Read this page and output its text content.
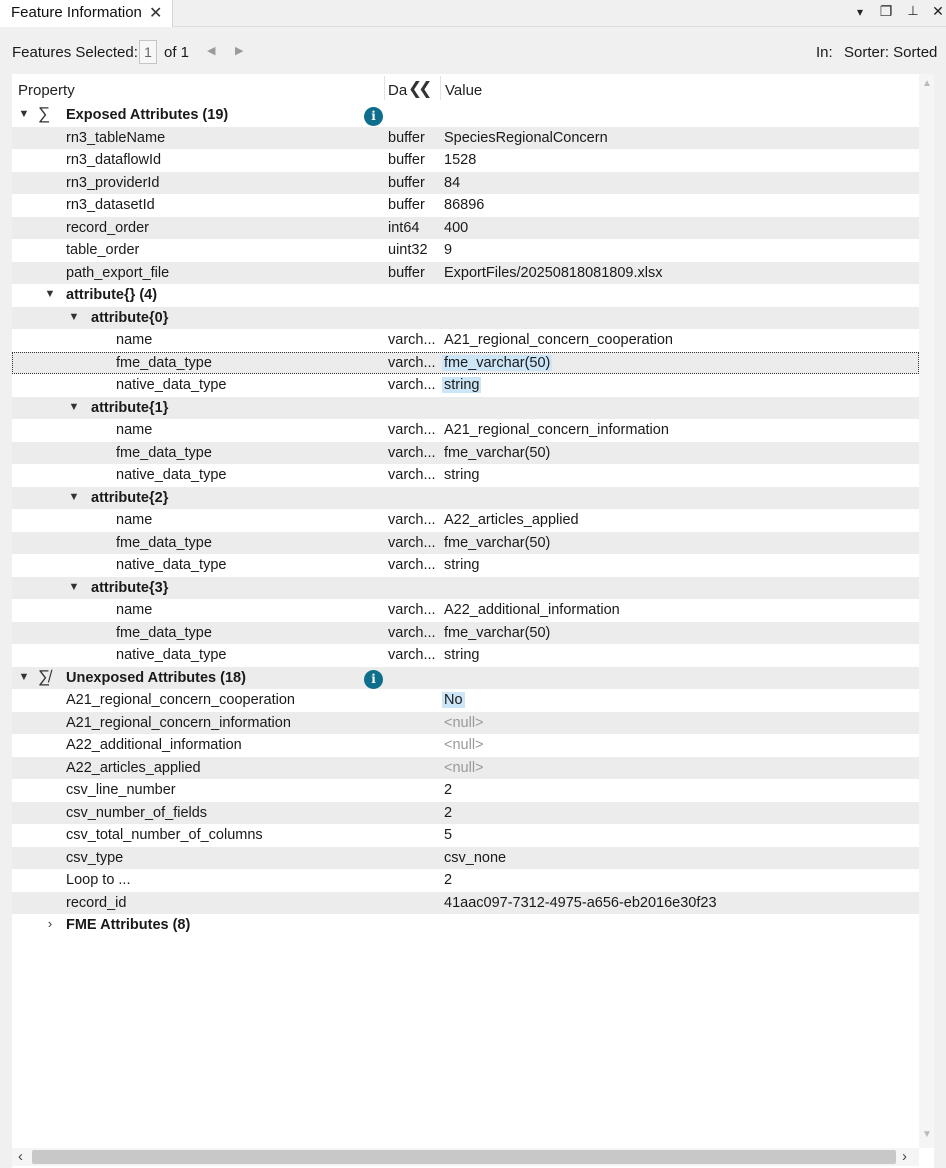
Feature Information ✕	▾	❐ ⊥ ✕
Features Selected: 1 of 1 ◀ ▶	In: Sorter: Sorted
Property	Da ❮❮ Value
▼ ∑ Exposed Attributes (19)	i
rn3_tableName	buffer SpeciesRegionalConcern
rn3_dataflowId	buffer 1528
rn3_providerId	buffer 84
rn3_datasetId	buffer 86896
record_order	int64 400
table_order	uint32 9
path_export_file	buffer ExportFiles/20250818081809.xlsx
▼ attribute{} (4)
▼ attribute{0}
name	varch... A21_regional_concern_cooperation
fme_data_type	varch... fme_varchar(50)
native_data_type	varch... string
▼ attribute{1}
name	varch... A21_regional_concern_information
fme_data_type	varch... fme_varchar(50)
native_data_type	varch... string
▼ attribute{2}
name	varch... A22_articles_applied
fme_data_type	varch... fme_varchar(50)
native_data_type	varch... string
▼ attribute{3}
name	varch... A22_additional_information
fme_data_type	varch... fme_varchar(50)
native_data_type	varch... string
▼ ∑̸ Unexposed Attributes (18)	i
A21_regional_concern_cooperation	No
A21_regional_concern_information	<null>
A22_additional_information	<null>
A22_articles_applied	<null>
csv_line_number	2
csv_number_of_fields	2
csv_total_number_of_columns	5
csv_type	csv_none
Loop to ...	2
record_id	41aac097-7312-4975-a656-eb2016e30f23
› FME Attributes (8)
▲
▼
‹	›
